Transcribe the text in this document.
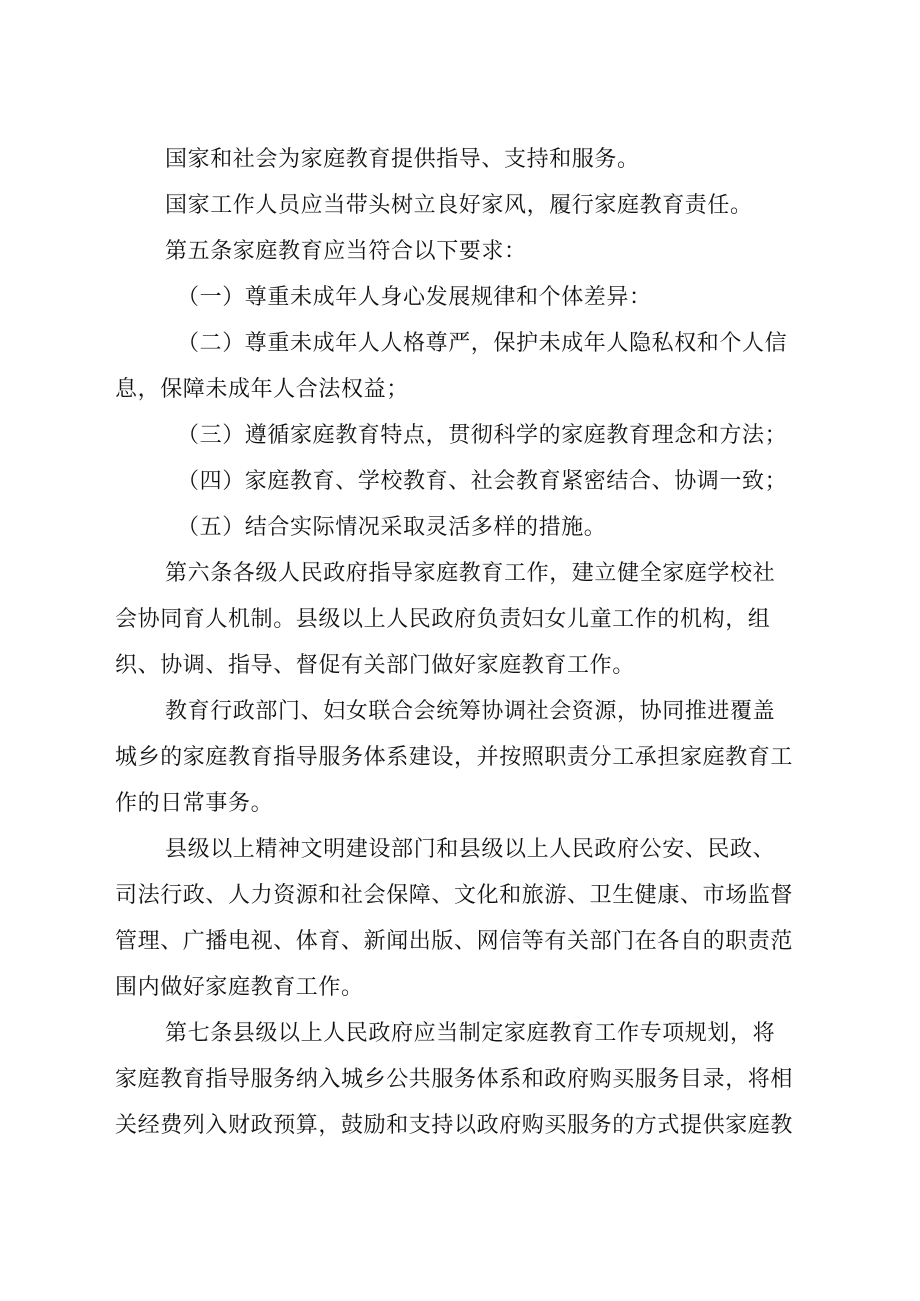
国家和社会为家庭教育提供指导、支持和服务。
国家工作人员应当带头树立良好家风，履行家庭教育责任。
第五条家庭教育应当符合以下要求：
（一）尊重未成年人身心发展规律和个体差异：
（二）尊重未成年人人格尊严，保护未成年人隐私权和个人信
息，保障未成年人合法权益；
（三）遵循家庭教育特点，贯彻科学的家庭教育理念和方法；
（四）家庭教育、学校教育、社会教育紧密结合、协调一致；
（五）结合实际情况采取灵活多样的措施。
第六条各级人民政府指导家庭教育工作，建立健全家庭学校社
会协同育人机制。县级以上人民政府负责妇女儿童工作的机构，组
织、协调、指导、督促有关部门做好家庭教育工作。
教育行政部门、妇女联合会统筹协调社会资源，协同推进覆盖
城乡的家庭教育指导服务体系建设，并按照职责分工承担家庭教育工
作的日常事务。
县级以上精神文明建设部门和县级以上人民政府公安、民政、
司法行政、人力资源和社会保障、文化和旅游、卫生健康、市场监督
管理、广播电视、体育、新闻出版、网信等有关部门在各自的职责范
围内做好家庭教育工作。
第七条县级以上人民政府应当制定家庭教育工作专项规划，将
家庭教育指导服务纳入城乡公共服务体系和政府购买服务目录，将相
关经费列入财政预算，鼓励和支持以政府购买服务的方式提供家庭教
